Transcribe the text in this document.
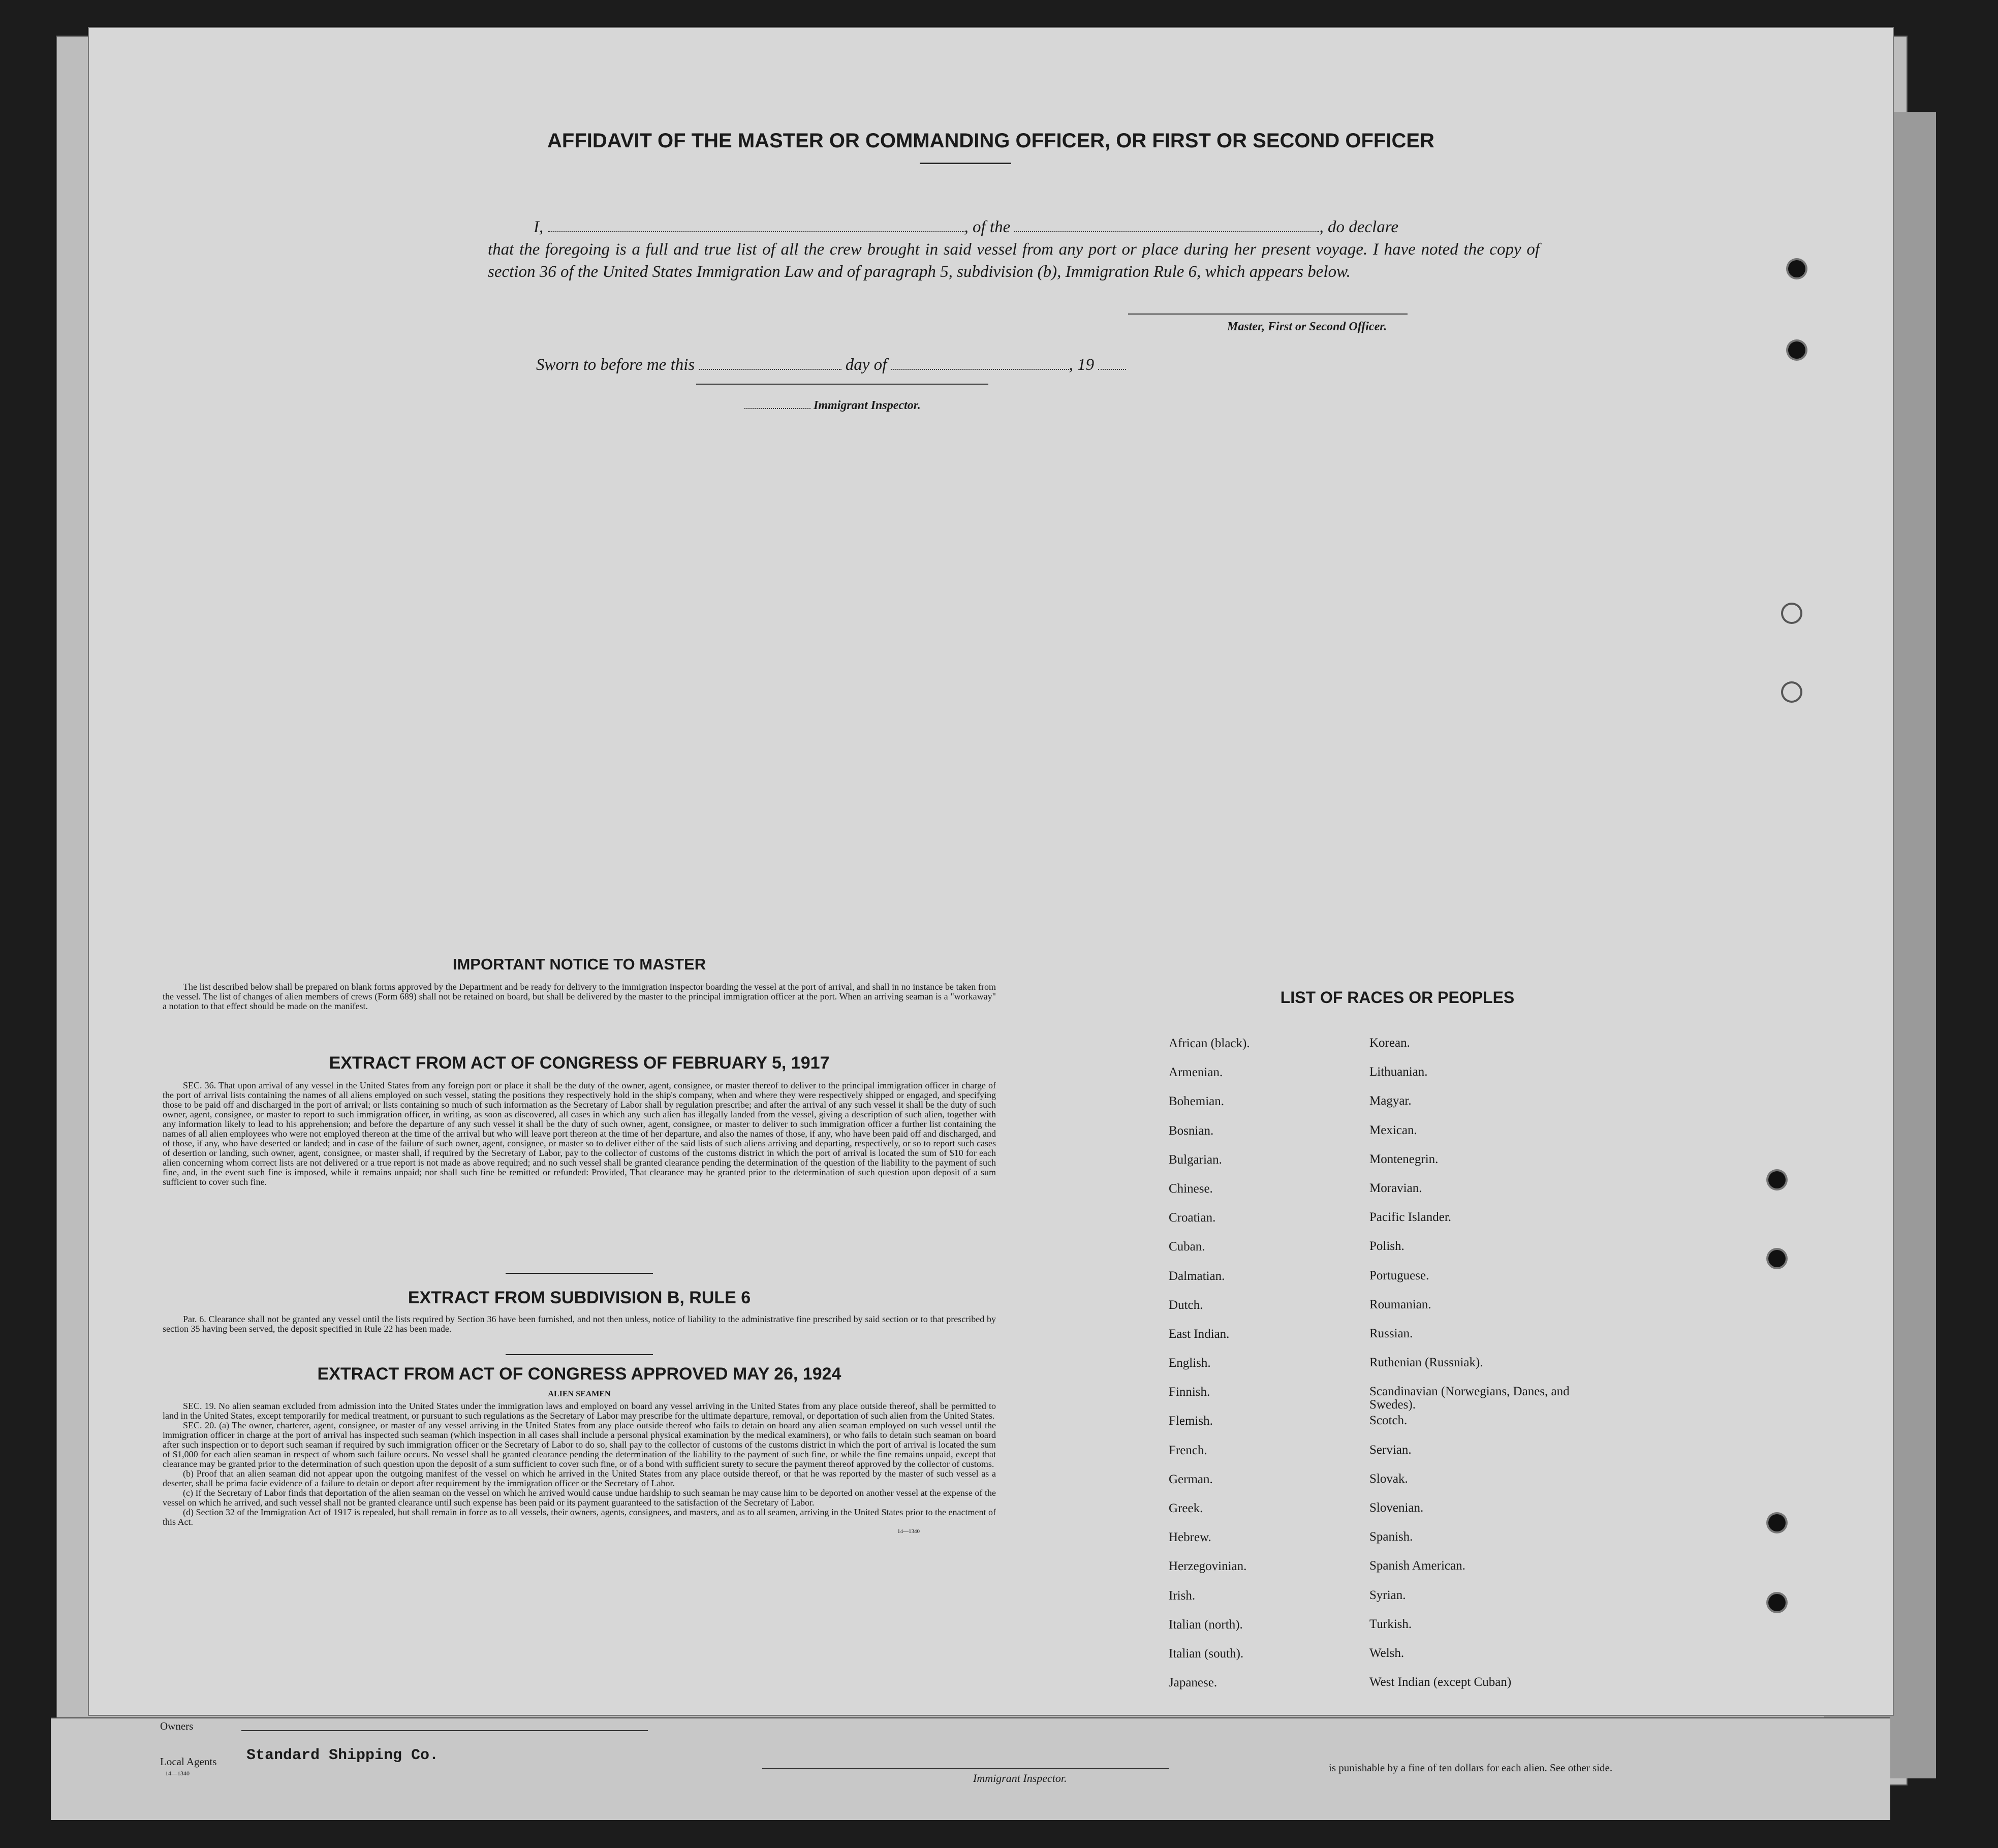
AFFIDAVIT OF THE MASTER OR COMMANDING OFFICER, OR FIRST OR SECOND OFFICER
I,	, of the	, do declare
that the foregoing is a full and true list of all the crew brought in said vessel from any port or place during her present voyage. I have noted the copy of section 36 of the United States Immigration Law and of paragraph 5, subdivision (b), Immigration Rule 6, which appears below.
Master, First or Second Officer.
Sworn to before me this	day of	, 19
Immigrant Inspector.
IMPORTANT NOTICE TO MASTER
The list described below shall be prepared on blank forms approved by the Department and be ready for delivery to the immigration Inspector boarding the vessel at the port of arrival, and shall in no instance be taken from the vessel. The list of changes of alien members of crews (Form 689) shall not be retained on board, but shall be delivered by the master to the principal immigration officer at the port. When an arriving seaman is a "workaway" a notation to that effect should be made on the manifest.
EXTRACT FROM ACT OF CONGRESS OF FEBRUARY 5, 1917
SEC. 36. That upon arrival of any vessel in the United States from any foreign port or place it shall be the duty of the owner, agent, consignee, or master thereof to deliver to the principal immigration officer in charge of the port of arrival lists containing the names of all aliens employed on such vessel, stating the positions they respectively hold in the ship's company, when and where they were respectively shipped or engaged, and specifying those to be paid off and discharged in the port of arrival; or lists containing so much of such information as the Secretary of Labor shall by regulation prescribe; and after the arrival of any such vessel it shall be the duty of such owner, agent, consignee, or master to report to such immigration officer, in writing, as soon as discovered, all cases in which any such alien has illegally landed from the vessel, giving a description of such alien, together with any information likely to lead to his apprehension; and before the departure of any such vessel it shall be the duty of such owner, agent, consignee, or master to deliver to such immigration officer a further list containing the names of all alien employees who were not employed thereon at the time of the arrival but who will leave port thereon at the time of her departure, and also the names of those, if any, who have been paid off and discharged, and of those, if any, who have deserted or landed; and in case of the failure of such owner, agent, consignee, or master so to deliver either of the said lists of such aliens arriving and departing, respectively, or so to report such cases of desertion or landing, such owner, agent, consignee, or master shall, if required by the Secretary of Labor, pay to the collector of customs of the customs district in which the port of arrival is located the sum of $10 for each alien concerning whom correct lists are not delivered or a true report is not made as above required; and no such vessel shall be granted clearance pending the determination of the question of the liability to the payment of such fine, and, in the event such fine is imposed, while it remains unpaid; nor shall such fine be remitted or refunded: Provided, That clearance may be granted prior to the determination of such question upon deposit of a sum sufficient to cover such fine.
EXTRACT FROM SUBDIVISION B, RULE 6
Par. 6. Clearance shall not be granted any vessel until the lists required by Section 36 have been furnished, and not then unless, notice of liability to the administrative fine prescribed by said section or to that prescribed by section 35 having been served, the deposit specified in Rule 22 has been made.
EXTRACT FROM ACT OF CONGRESS APPROVED MAY 26, 1924
ALIEN SEAMEN

SEC. 19. No alien seaman excluded from admission into the United States under the immigration laws and employed on board any vessel arriving in the United States from any place outside thereof, shall be permitted to land in the United States, except temporarily for medical treatment, or pursuant to such regulations as the Secretary of Labor may prescribe for the ultimate departure, removal, or deportation of such alien from the United States.

SEC. 20. (a) The owner, charterer, agent, consignee, or master of any vessel arriving in the United States from any place outside thereof who fails to detain on board any alien seaman employed on such vessel until the immigration officer in charge at the port of arrival has inspected such seaman (which inspection in all cases shall include a personal physical examination by the medical examiners), or who fails to detain such seaman on board after such inspection or to deport such seaman if required by such immigration officer or the Secretary of Labor to do so, shall pay to the collector of customs of the customs district in which the port of arrival is located the sum of $1,000 for each alien seaman in respect of whom such failure occurs. No vessel shall be granted clearance pending the determination of the liability to the payment of such fine, or while the fine remains unpaid, except that clearance may be granted prior to the determination of such question upon the deposit of a sum sufficient to cover such fine, or of a bond with sufficient surety to secure the payment thereof approved by the collector of customs.

(b) Proof that an alien seaman did not appear upon the outgoing manifest of the vessel on which he arrived in the United States from any place outside thereof, or that he was reported by the master of such vessel as a deserter, shall be prima facie evidence of a failure to detain or deport after requirement by the immigration officer or the Secretary of Labor.

(c) If the Secretary of Labor finds that deportation of the alien seaman on the vessel on which he arrived would cause undue hardship to such seaman he may cause him to be deported on another vessel at the expense of the vessel on which he arrived, and such vessel shall not be granted clearance until such expense has been paid or its payment guaranteed to the satisfaction of the Secretary of Labor.

(d) Section 32 of the Immigration Act of 1917 is repealed, but shall remain in force as to all vessels, their owners, agents, consignees, and masters, and as to all seamen, arriving in the United States prior to the enactment of this Act.

14—1340

LIST OF RACES OR PEOPLES
African (black).	Korean.
Armenian.	Lithuanian.
Bohemian.	Magyar.
Bosnian.	Mexican.
Bulgarian.	Montenegrin.
Chinese.	Moravian.
Croatian.	Pacific Islander.
Cuban.	Polish.
Dalmatian.	Portuguese.
Dutch.	Roumanian.
East Indian.	Russian.
English.	Ruthenian (Russniak).
Finnish.	Scandinavian (Norwegians, Danes, and Swedes).
Flemish.	Scotch.
French.	Servian.
German.	Slovak.
Greek.	Slovenian.
Hebrew.	Spanish.
Herzegovinian.	Spanish American.
Irish.	Syrian.
Italian (north).	Turkish.
Italian (south).	Welsh.
Japanese.	West Indian (except Cuban)
Owners
Local Agents Standard Shipping Co.
14—1340	Immigrant Inspector.
is punishable by a fine of ten dollars for each alien. See other side.
